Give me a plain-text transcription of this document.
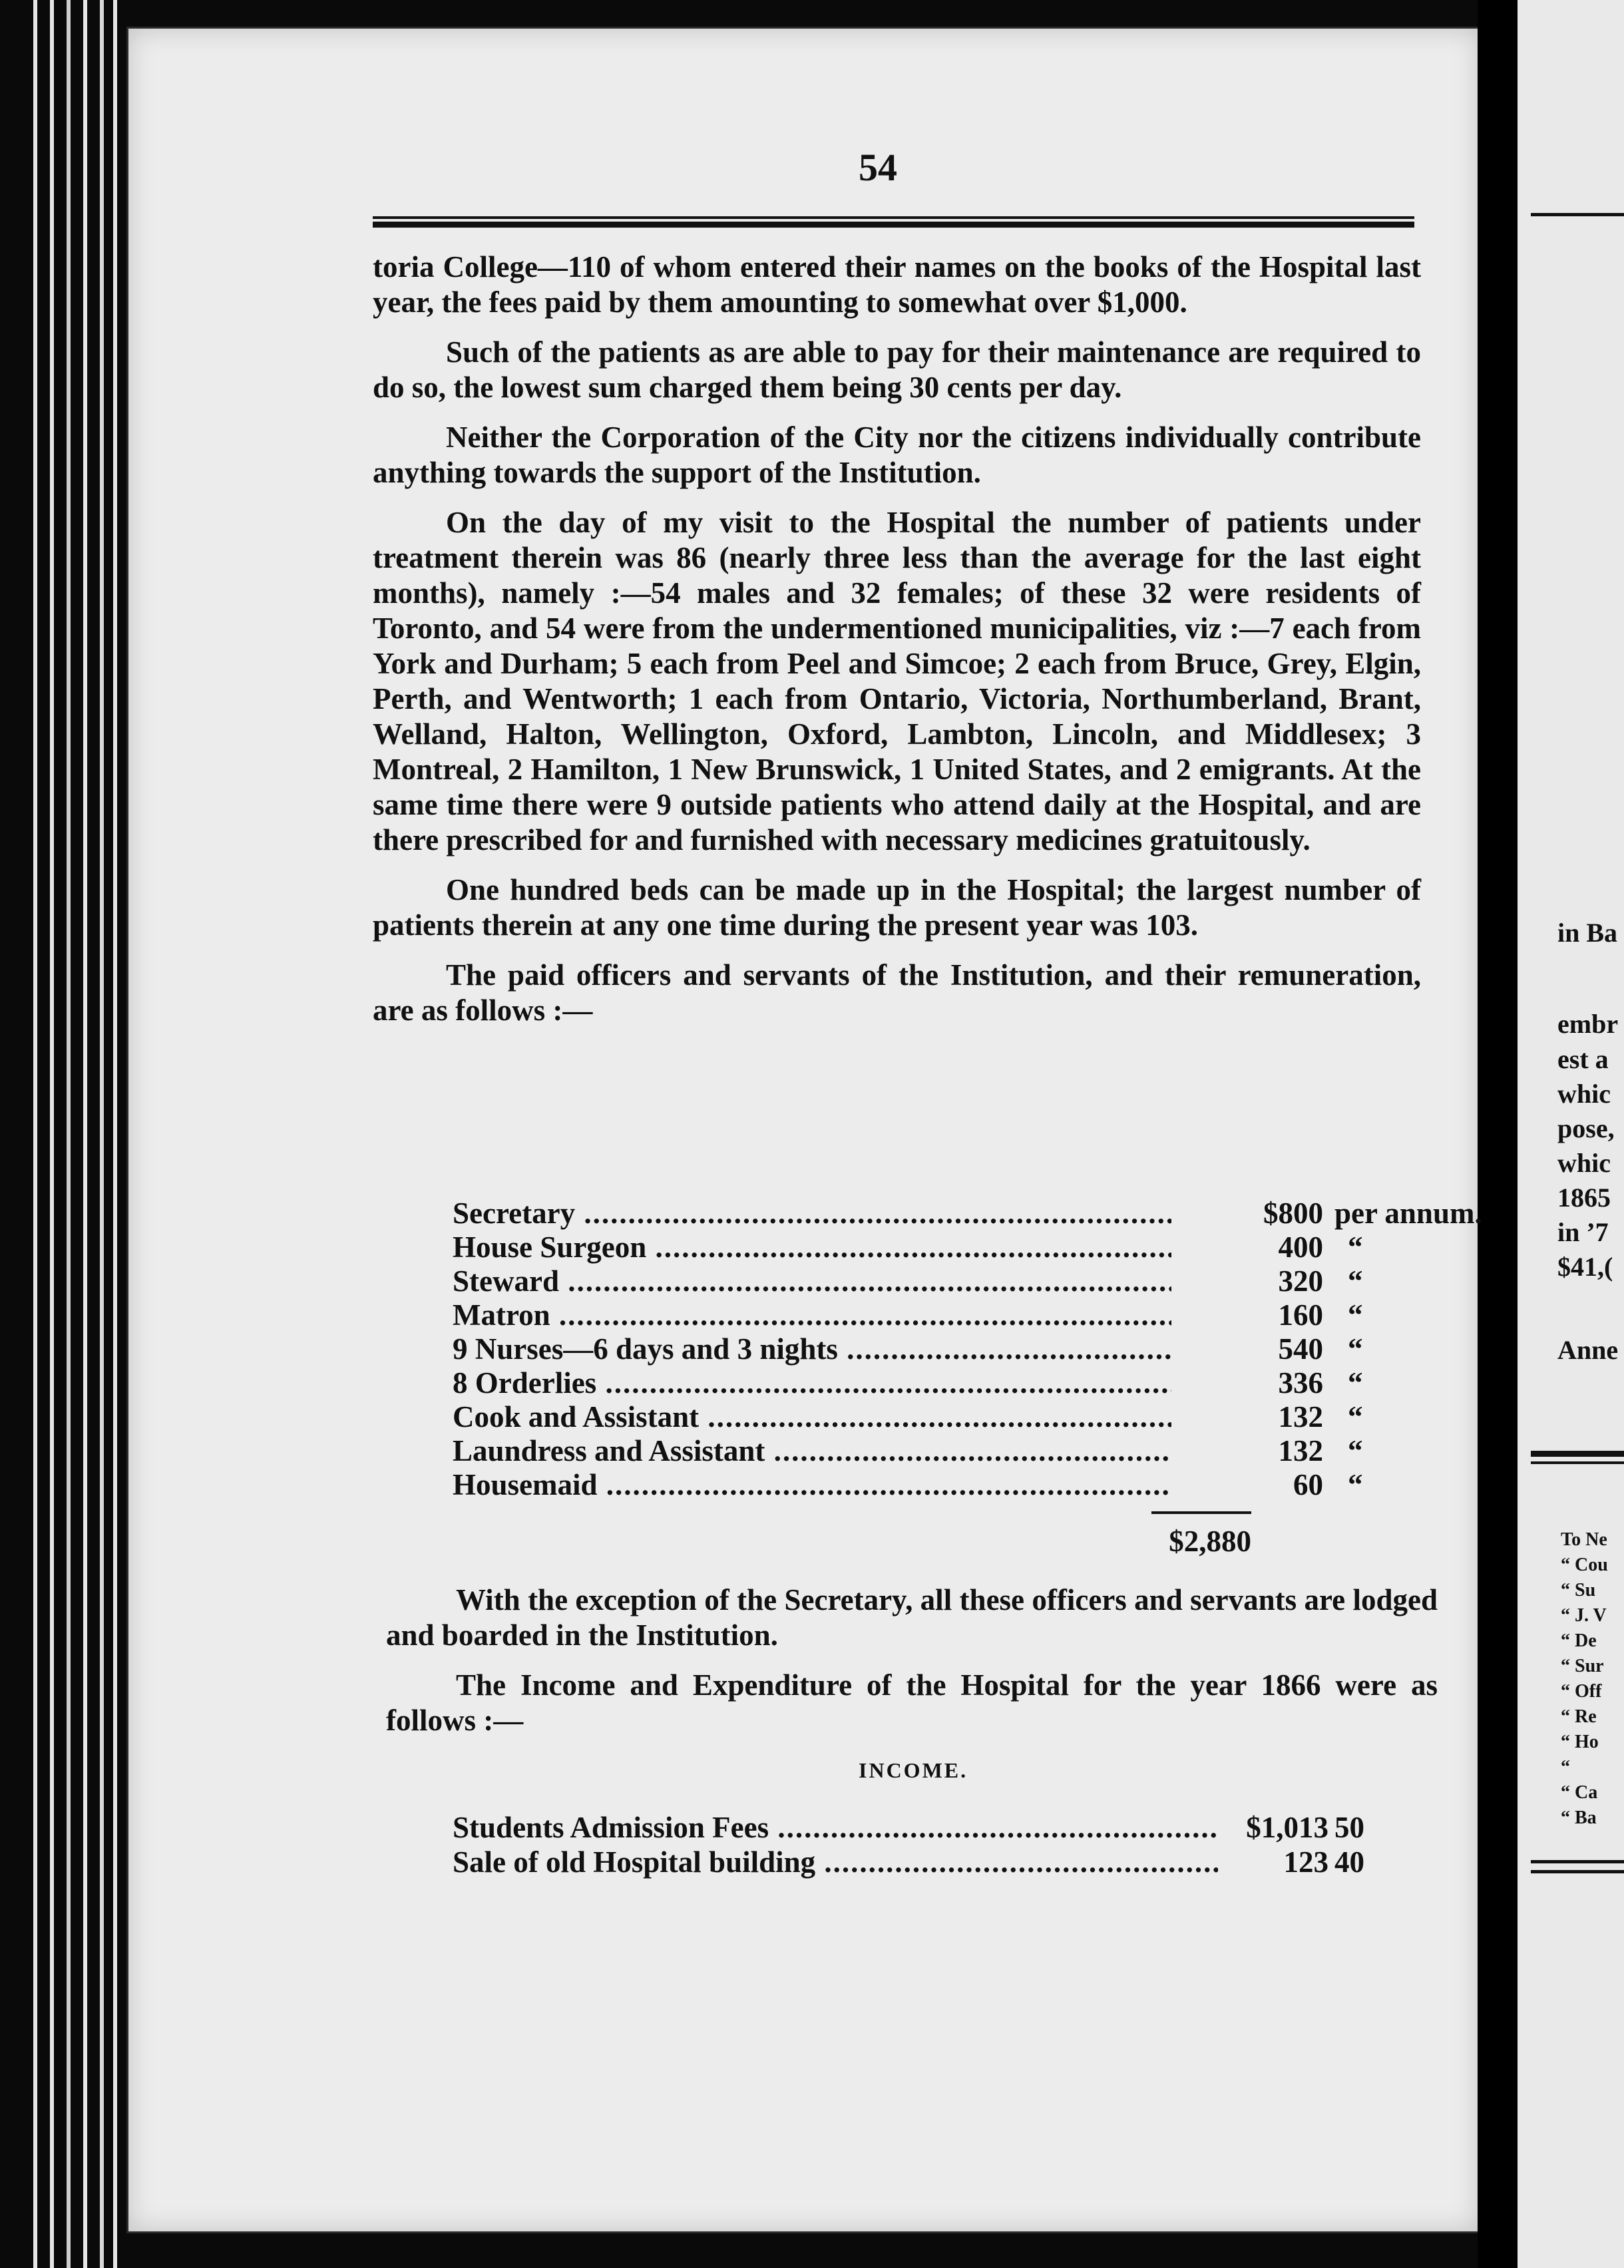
54

toria College—110 of whom entered their names on the books of the Hospital last year, the fees paid by them amounting to somewhat over $1,000.

Such of the patients as are able to pay for their maintenance are required to do so, the lowest sum charged them being 30 cents per day.

Neither the Corporation of the City nor the citizens individually contribute anything towards the support of the Institution.

On the day of my visit to the Hospital the number of patients under treatment therein was 86 (nearly three less than the average for the last eight months), namely :—54 males and 32 females; of these 32 were residents of Toronto, and 54 were from the undermentioned municipalities, viz :—7 each from York and Durham; 5 each from Peel and Simcoe; 2 each from Bruce, Grey, Elgin, Perth, and Wentworth; 1 each from Ontario, Victoria, Northumberland, Brant, Welland, Halton, Wellington, Oxford, Lambton, Lincoln, and Middlesex; 3 Montreal, 2 Hamilton, 1 New Brunswick, 1 United States, and 2 emigrants. At the same time there were 9 outside patients who attend daily at the Hospital, and are there prescribed for and furnished with necessary medicines gratuitously.

One hundred beds can be made up in the Hospital; the largest number of patients therein at any one time during the present year was 103.

The paid officers and servants of the Institution, and their remuneration, are as follows :—

Secretary .....	$800 per annum.
House Surgeon .....	400 “
Steward .....	320 “
Matron .....	160 “
9 Nurses—6 days and 3 nights .....	540 “
8 Orderlies .....	336 “
Cook and Assistant .....	132 “
Laundress and Assistant .....	132 “
Housemaid .....	60 “
$2,880

With the exception of the Secretary, all these officers and servants are lodged and boarded in the Institution.

The Income and Expenditure of the Hospital for the year 1866 were as follows :—

INCOME.
Students Admission Fees .....	$1,013 50
Sale of old Hospital building .....	123 40
in Ba
embr
est a
whic
pose,
whic
1865
in ’7
$41,(
Anne
To Ne
“ Cou
“ Su
“ J. V
“ De
“ Sur
“ Off
“ Re
“ Ho
“
“ Ca
“ Ba
